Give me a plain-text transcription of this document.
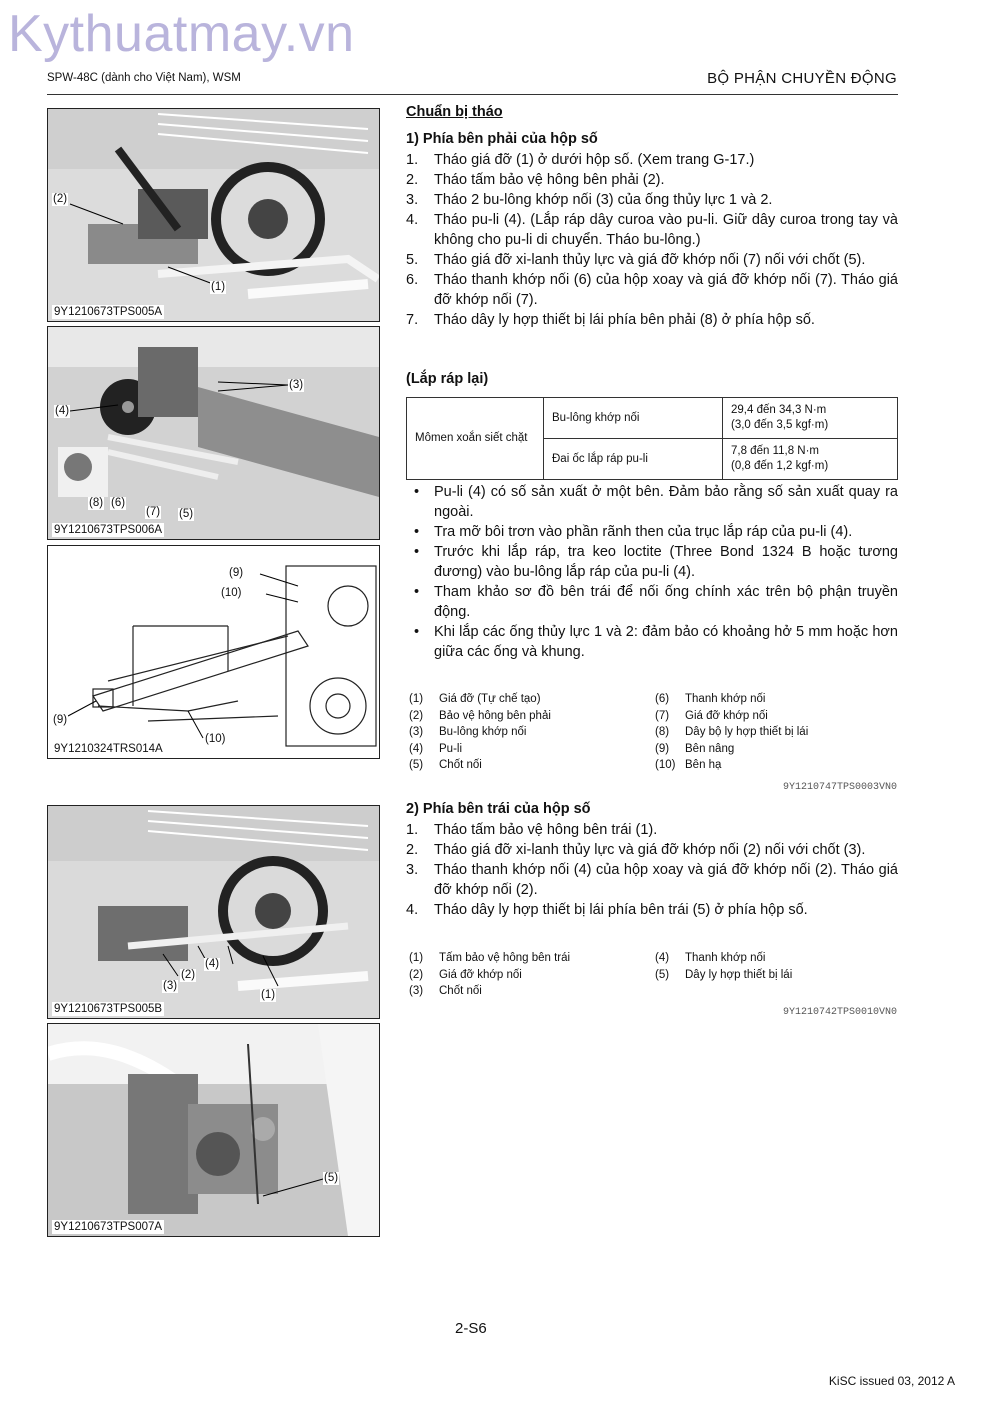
Kythuatmay.vn
SPW-48C (dành cho Việt Nam), WSM	BỘ PHẬN CHUYỀN ĐỘNG
(2)
(1)
9Y1210673TPS005A
(3)
(4)
(8) (6)
(7) (5)
9Y1210673TPS006A
(9)
(10)
(9)
(10)
9Y1210324TRS014A
(4)
(2)
(3)
(1)
9Y1210673TPS005B
(5)
9Y1210673TPS007A
Chuẩn bị tháo
1) Phía bên phải của hộp số
1. Tháo giá đỡ (1) ở dưới hộp số. (Xem trang G-17.)
2. Tháo tấm bảo vệ hông bên phải (2).
3. Tháo 2 bu-lông khớp nối (3) của ống thủy lực 1 và 2.
4. Tháo pu-li (4). (Lắp ráp dây curoa vào pu-li. Giữ dây curoa trong tay và không cho pu-li di chuyển. Tháo bu-lông.)
5. Tháo giá đỡ xi-lanh thủy lực và giá đỡ khớp nối (7) nối với chốt (5).
6. Tháo thanh khớp nối (6) của hộp xoay và giá đỡ khớp nối (7). Tháo giá đỡ khớp nối (7).
7. Tháo dây ly hợp thiết bị lái phía bên phải (8) ở phía hộp số.
(Lắp ráp lại)
Mômen xoắn siết chặt	Bu-lông khớp nối	29,4 đến 34,3 N·m
(3,0 đến 3,5 kgf·m)

	Đai ốc lắp ráp pu-li	7,8 đến 11,8 N·m
(0,8 đến 1,2 kgf·m)
• Pu-li (4) có số sản xuất ở một bên. Đảm bảo rằng số sản xuất quay ra ngoài.
• Tra mỡ bôi trơn vào phần rãnh then của trục lắp ráp của pu-li (4).
• Trước khi lắp ráp, tra keo loctite (Three Bond 1324 B hoặc tương đương) vào bu-lông lắp ráp của pu-li (4).
• Tham khảo sơ đồ bên trái để nối ống chính xác trên bộ phận truyền động.
• Khi lắp các ống thủy lực 1 và 2: đảm bảo có khoảng hở 5 mm hoặc hơn giữa các ống và khung.
(1) Giá đỡ (Tự chế tạo)
(2) Bảo vệ hông bên phải
(3) Bu-lông khớp nối
(4) Pu-li
(5) Chốt nối
(6) Thanh khớp nối
(7) Giá đỡ khớp nối
(8) Dây bộ ly hợp thiết bị lái
(9) Bên nâng
(10) Bên hạ
9Y1210747TPS0003VN0
2) Phía bên trái của hộp số
1. Tháo tấm bảo vệ hông bên trái (1).
2. Tháo giá đỡ xi-lanh thủy lực và giá đỡ khớp nối (2) nối với chốt (3).
3. Tháo thanh khớp nối (4) của hộp xoay và giá đỡ khớp nối (2). Tháo giá đỡ khớp nối (2).
4. Tháo dây ly hợp thiết bị lái phía bên trái (5) ở phía hộp số.
(1) Tấm bảo vệ hông bên trái
(2) Giá đỡ khớp nối
(3) Chốt nối
(4) Thanh khớp nối
(5) Dây ly hợp thiết bị lái
9Y1210742TPS0010VN0
2-S6
KiSC issued 03, 2012 A
